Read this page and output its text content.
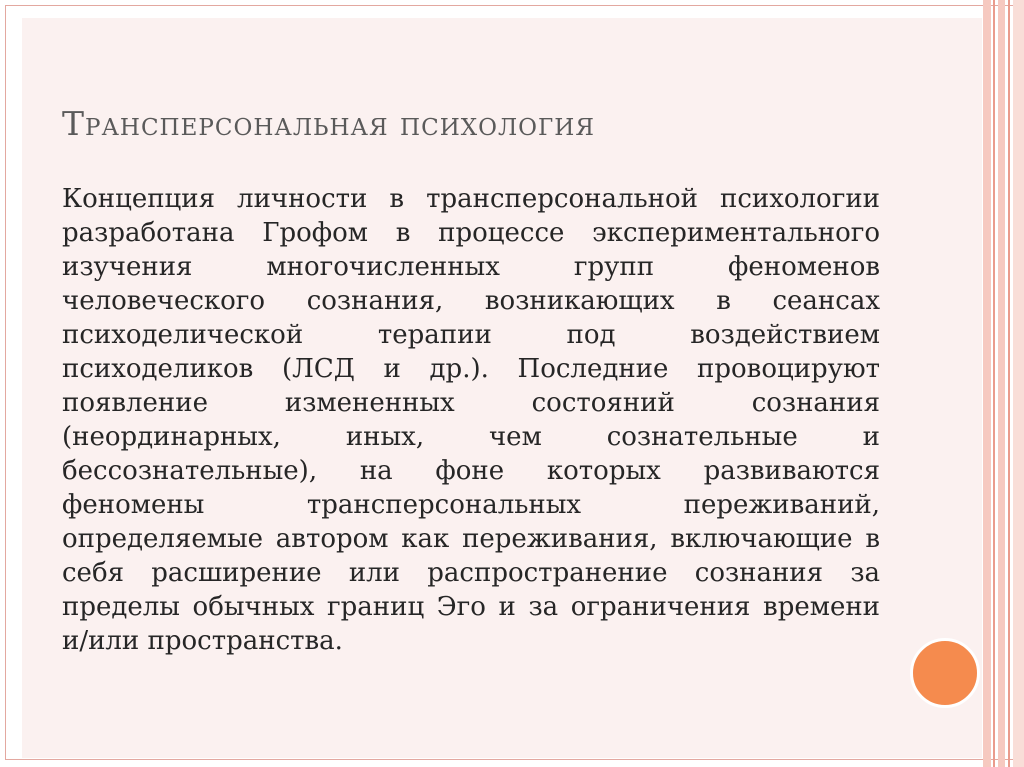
Трансперсональная психология
Концепция личности в трансперсональной психологии разработана Грофом в процессе экспериментального изучения многочисленных групп феноменов человеческого сознания, возникающих в сеансах психоделической терапии под воздействием психоделиков (ЛСД и др.). Последние провоцируют появление измененных состояний сознания (неординарных, иных, чем сознательные и бессознательные), на фоне которых развиваются феномены трансперсональных переживаний, определяемые автором как переживания, включающие в себя расширение или распространение сознания за пределы обычных границ Эго и за ограничения времени и/или пространства.
